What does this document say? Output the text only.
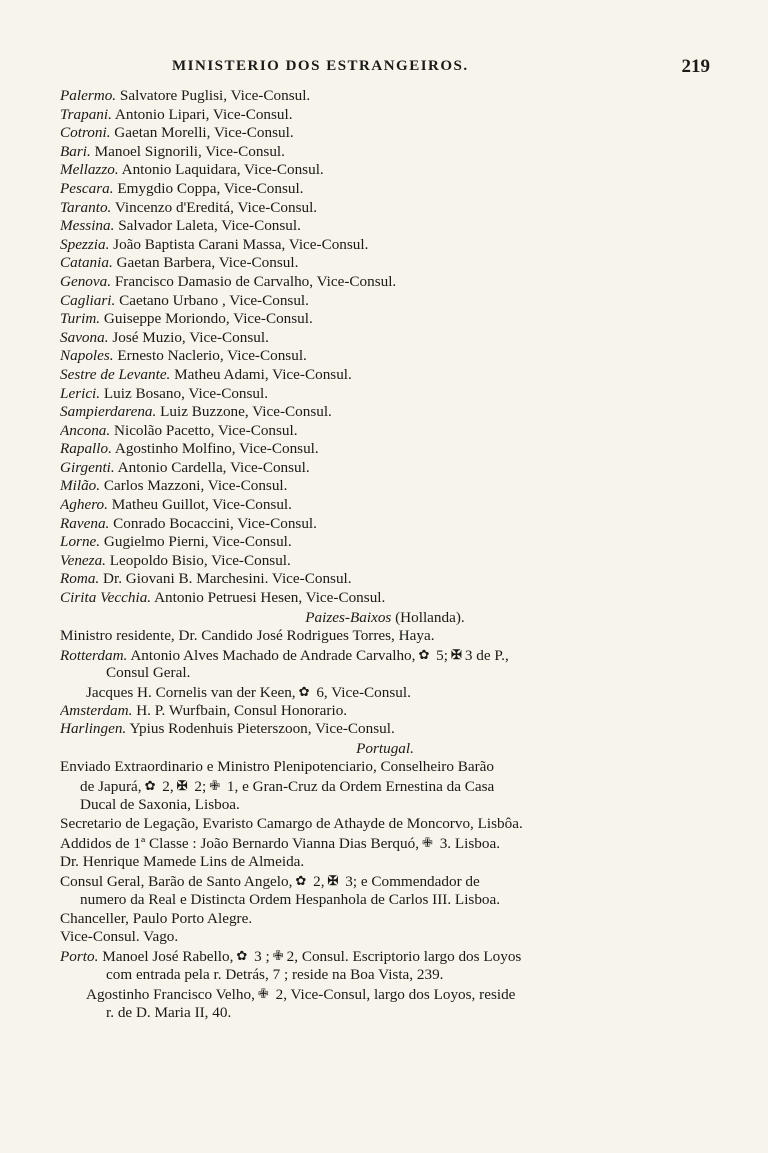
MINISTERIO DOS ESTRANGEIROS.	219
Palermo. Salvatore Puglisi, Vice-Consul.
Trapani. Antonio Lipari, Vice-Consul.
Cotroni. Gaetan Morelli, Vice-Consul.
Bari. Manoel Signorili, Vice-Consul.
Mellazzo. Antonio Laquidara, Vice-Consul.
Pescara. Emygdio Coppa, Vice-Consul.
Taranto. Vincenzo d'Ereditá, Vice-Consul.
Messina. Salvador Laleta, Vice-Consul.
Spezzia. João Baptista Carani Massa, Vice-Consul.
Catania. Gaetan Barbera, Vice-Consul.
Genova. Francisco Damasio de Carvalho, Vice-Consul.
Cagliari. Caetano Urbano , Vice-Consul.
Turim. Guiseppe Moriondo, Vice-Consul.
Savona. José Muzio, Vice-Consul.
Napoles. Ernesto Naclerio, Vice-Consul.
Sestre de Levante. Matheu Adami, Vice-Consul.
Lerici. Luiz Bosano, Vice-Consul.
Sampierdarena. Luiz Buzzone, Vice-Consul.
Ancona. Nicolão Pacetto, Vice-Consul.
Rapallo. Agostinho Molfino, Vice-Consul.
Girgenti. Antonio Cardella, Vice-Consul.
Milão. Carlos Mazzoni, Vice-Consul.
Aghero. Matheu Guillot, Vice-Consul.
Ravena. Conrado Bocaccini, Vice-Consul.
Lorne. Gugielmo Pierni, Vice-Consul.
Veneza. Leopoldo Bisio, Vice-Consul.
Roma. Dr. Giovani B. Marchesini. Vice-Consul.
Cirita Vecchia. Antonio Petruesi Hesen, Vice-Consul.
Paizes-Baixos (Hollanda).
Ministro residente, Dr. Candido José Rodrigues Torres, Haya.
Rotterdam. Antonio Alves Machado de Andrade Carvalho, ✿ 5; ✠ 3 de P.,
Consul Geral.
Jacques H. Cornelis van der Keen, ✿ 6, Vice-Consul.
Amsterdam. H. P. Wurfbain, Consul Honorario.
Harlingen. Ypius Rodenhuis Pieterszoon, Vice-Consul.
Portugal.
Enviado Extraordinario e Ministro Plenipotenciario, Conselheiro Barão
de Japurá, ✿ 2, ✠ 2; ✙ 1, e Gran-Cruz da Ordem Ernestina da Casa
Ducal de Saxonia, Lisboa.
Secretario de Legação, Evaristo Camargo de Athayde de Moncorvo, Lisbôa.
Addidos de 1ª Classe : João Bernardo Vianna Dias Berquó, ✙ 3. Lisboa.
Dr. Henrique Mamede Lins de Almeida.
Consul Geral, Barão de Santo Angelo, ✿ 2, ✠ 3; e Commendador de
numero da Real e Distincta Ordem Hespanhola de Carlos III. Lisboa.
Chanceller, Paulo Porto Alegre.
Vice-Consul. Vago.
Porto. Manoel José Rabello, ✿ 3 ; ✙ 2, Consul. Escriptorio largo dos Loyos
com entrada pela r. Detrás, 7 ; reside na Boa Vista, 239.
Agostinho Francisco Velho, ✙ 2, Vice-Consul, largo dos Loyos, reside
r. de D. Maria II, 40.
